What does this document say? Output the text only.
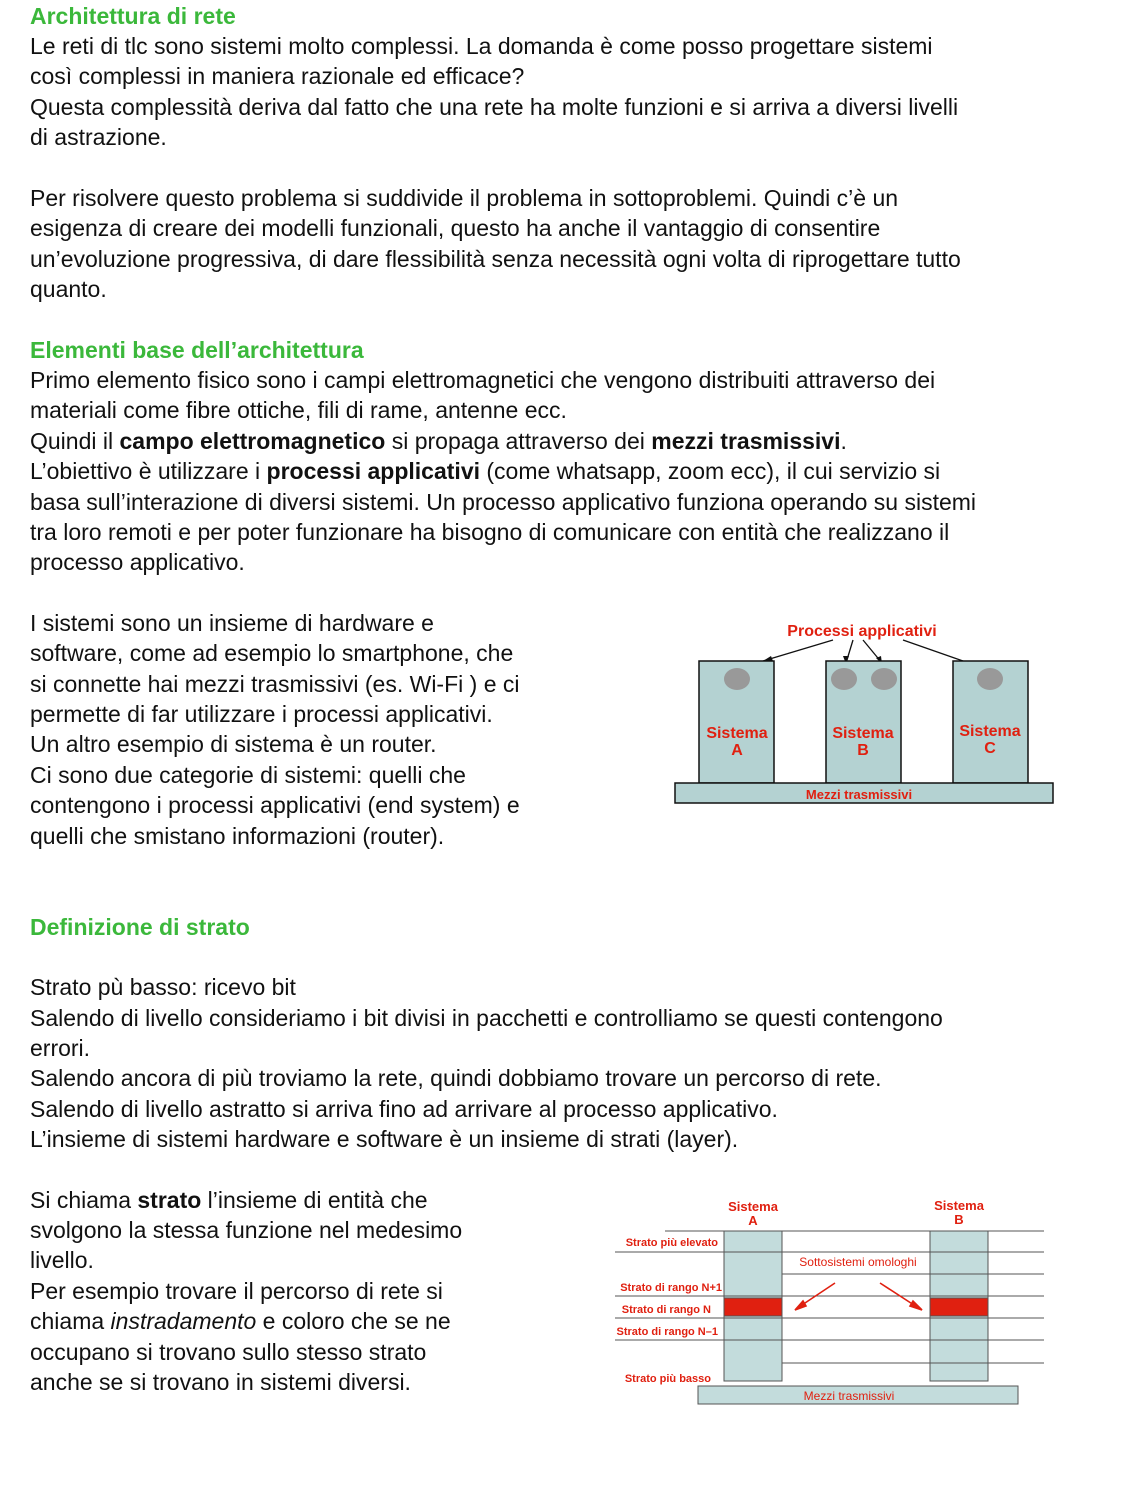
Architettura di rete
Le reti di tlc sono sistemi molto complessi. La domanda è come posso progettare sistemi
così complessi in maniera razionale ed efficace?
Questa complessità deriva dal fatto che una rete ha molte funzioni e si arriva a diversi livelli
di astrazione.
Per risolvere questo problema si suddivide il problema in sottoproblemi. Quindi c’è un
esigenza di creare dei modelli funzionali, questo ha anche il vantaggio di consentire
un’evoluzione progressiva, di dare flessibilità senza necessità ogni volta di riprogettare tutto
quanto.
Elementi base dell’architettura
Primo elemento fisico sono i campi elettromagnetici che vengono distribuiti attraverso dei
materiali come fibre ottiche, fili di rame, antenne ecc.
Quindi il campo elettromagnetico si propaga attraverso dei mezzi trasmissivi.
L’obiettivo è utilizzare i processi applicativi (come whatsapp, zoom ecc), il cui servizio si
basa sull’interazione di diversi sistemi. Un processo applicativo funziona operando su sistemi
tra loro remoti e per poter funzionare ha bisogno di comunicare con entità che realizzano il
processo applicativo.
I sistemi sono un insieme di hardware e
software, come ad esempio lo smartphone, che
si connette hai mezzi trasmissivi (es. Wi-Fi ) e ci
permette di far utilizzare i processi applicativi.
Un altro esempio di sistema è un router.
Ci sono due categorie di sistemi: quelli che
contengono i processi applicativi (end system) e
quelli che smistano informazioni (router).
Processi applicativi
Sistema
A
Sistema
B
Sistema
C
Mezzi trasmissivi
Definizione di strato
Strato pù basso: ricevo bit
Salendo di livello consideriamo i bit divisi in pacchetti e controlliamo se questi contengono
errori.
Salendo ancora di più troviamo la rete, quindi dobbiamo trovare un percorso di rete.
Salendo di livello astratto si arriva fino ad arrivare al processo applicativo.
L’insieme di sistemi hardware e software è un insieme di strati (layer).
Si chiama strato l’insieme di entità che
svolgono la stessa funzione nel medesimo
livello.
Per esempio trovare il percorso di rete si
chiama instradamento e coloro che se ne
occupano si trovano sullo stesso strato
anche se si trovano in sistemi diversi.
Sistema
A
Sistema
B
Strato più elevato
Strato di rango N+1
Strato di rango N
Strato di rango N–1
Strato più basso
Sottosistemi omologhi
Mezzi trasmissivi
